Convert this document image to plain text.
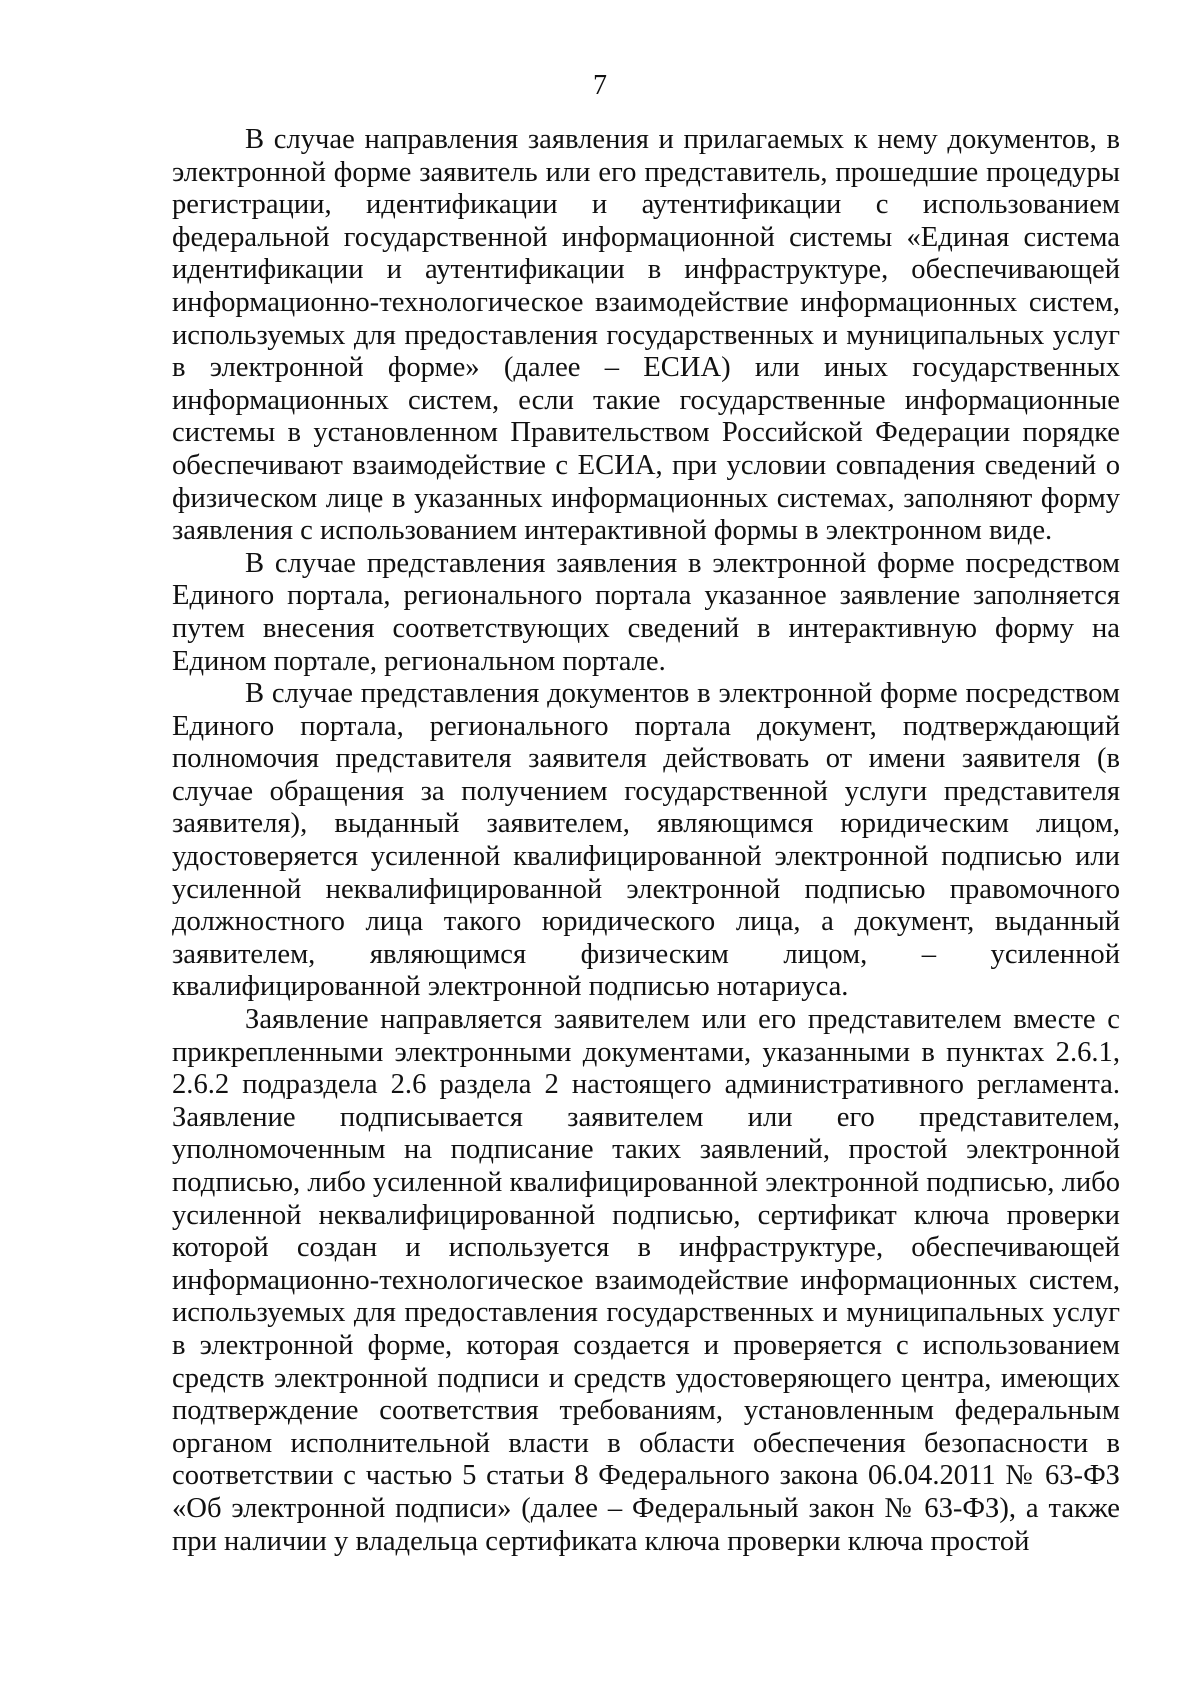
7

В случае направления заявления и прилагаемых к нему документов, в электронной форме заявитель или его представитель, прошедшие процедуры регистрации, идентификации и аутентификации с использованием федеральной государственной информационной системы «Единая система идентификации и аутентификации в инфраструктуре, обеспечивающей информационно-технологическое взаимодействие информационных систем, используемых для предоставления государственных и муниципальных услуг в электронной форме» (далее – ЕСИА) или иных государственных информационных систем, если такие государственные информационные системы в установленном Правительством Российской Федерации порядке обеспечивают взаимодействие с ЕСИА, при условии совпадения сведений о физическом лице в указанных информационных системах, заполняют форму заявления с использованием интерактивной формы в электронном виде.

В случае представления заявления в электронной форме посредством Единого портала, регионального портала указанное заявление заполняется путем внесения соответствующих сведений в интерактивную форму на Едином портале, региональном портале.

В случае представления документов в электронной форме посредством Единого портала, регионального портала документ, подтверждающий полномочия представителя заявителя действовать от имени заявителя (в случае обращения за получением государственной услуги представителя заявителя), выданный заявителем, являющимся юридическим лицом, удостоверяется усиленной квалифицированной электронной подписью или усиленной неквалифицированной электронной подписью правомочного должностного лица такого юридического лица, а документ, выданный заявителем, являющимся физическим лицом, – усиленной квалифицированной электронной подписью нотариуса.

Заявление направляется заявителем или его представителем вместе с прикрепленными электронными документами, указанными в пунктах 2.6.1, 2.6.2 подраздела 2.6 раздела 2 настоящего административного регламента. Заявление подписывается заявителем или его представителем, уполномоченным на подписание таких заявлений, простой электронной подписью, либо усиленной квалифицированной электронной подписью, либо усиленной неквалифицированной подписью, сертификат ключа проверки которой создан и используется в инфраструктуре, обеспечивающей информационно-технологическое взаимодействие информационных систем, используемых для предоставления государственных и муниципальных услуг в электронной форме, которая создается и проверяется с использованием средств электронной подписи и средств удостоверяющего центра, имеющих подтверждение соответствия требованиям, установленным федеральным органом исполнительной власти в области обеспечения безопасности в соответствии с частью 5 статьи 8 Федерального закона 06.04.2011 № 63-ФЗ «Об электронной подписи» (далее – Федеральный закон № 63-ФЗ), а также при наличии у владельца сертификата ключа проверки ключа простой
